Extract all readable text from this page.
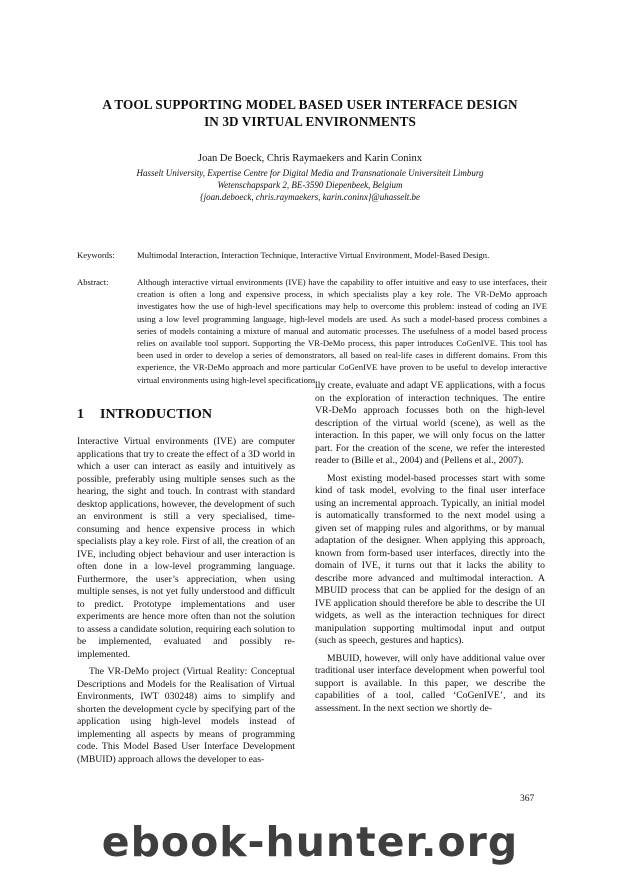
A TOOL SUPPORTING MODEL BASED USER INTERFACE DESIGN
IN 3D VIRTUAL ENVIRONMENTS
Joan De Boeck, Chris Raymaekers and Karin Coninx
Hasselt University, Expertise Centre for Digital Media and Transnationale Universiteit Limburg
Wetenschapspark 2, BE-3590 Diepenbeek, Belgium
{joan.deboeck, chris.raymaekers, karin.coninx}@uhasselt.be
Keywords:	Multimodal Interaction, Interaction Technique, Interactive Virtual Environment, Model-Based Design.
Abstract:	Although interactive virtual environments (IVE) have the capability to offer intuitive and easy to use interfaces, their creation is often a long and expensive process, in which specialists play a key role. The VR-DeMo approach investigates how the use of high-level specifications may help to overcome this problem: instead of coding an IVE using a low level programming language, high-level models are used. As such a model-based process combines a series of models containing a mixture of manual and automatic processes. The usefulness of a model based process relies on available tool support. Supporting the VR-DeMo process, this paper introduces CoGenIVE. This tool has been used in order to develop a series of demonstrators, all based on real-life cases in different domains. From this experience, the VR-DeMo approach and more particular CoGenIVE have proven to be useful to develop interactive virtual environments using high-level specifications.
1 INTRODUCTION

Interactive Virtual environments (IVE) are computer applications that try to create the effect of a 3D world in which a user can interact as easily and intuitively as possible, preferably using multiple senses such as the hearing, the sight and touch. In contrast with standard desktop applications, however, the development of such an environment is still a very specialised, time-consuming and hence expensive process in which specialists play a key role. First of all, the creation of an IVE, including object behaviour and user interaction is often done in a low-level programming language. Furthermore, the user’s appreciation, when using multiple senses, is not yet fully understood and difficult to predict. Prototype implementations and user experiments are hence more often than not the solution to assess a candidate solution, requiring each solution to be implemented, evaluated and possibly re-implemented.

The VR-DeMo project (Virtual Reality: Conceptual Descriptions and Models for the Realisation of Virtual Environments, IWT 030248) aims to simplify and shorten the development cycle by specifying part of the application using high-level models instead of implementing all aspects by means of programming code. This Model Based User Interface Development (MBUID) approach allows the developer to eas-

ily create, evaluate and adapt VE applications, with a focus on the exploration of interaction techniques. The entire VR-DeMo approach focusses both on the high-level description of the virtual world (scene), as well as the interaction. In this paper, we will only focus on the latter part. For the creation of the scene, we refer the interested reader to (Bille et al., 2004) and (Pellens et al., 2007).

Most existing model-based processes start with some kind of task model, evolving to the final user interface using an incremental approach. Typically, an initial model is automatically transformed to the next model using a given set of mapping rules and algorithms, or by manual adaptation of the designer. When applying this approach, known from form-based user interfaces, directly into the domain of IVE, it turns out that it lacks the ability to describe more advanced and multimodal interaction. A MBUID process that can be applied for the design of an IVE application should therefore be able to describe the UI widgets, as well as the interaction techniques for direct manipulation supporting multimodal input and output (such as speech, gestures and haptics).

MBUID, however, will only have additional value over traditional user interface development when powerful tool support is available. In this paper, we describe the capabilities of a tool, called ‘CoGenIVE’, and its assessment. In the next section we shortly de-

367
ebook-hunter.org
